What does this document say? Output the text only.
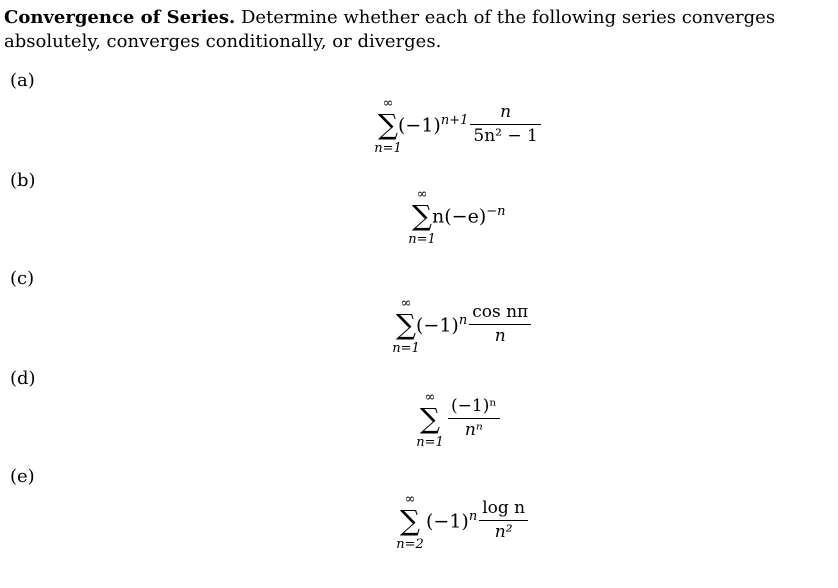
Convergence of Series. Determine whether each of the following series converges absolutely, converges conditionally, or diverges.
(a)
∞
∑
n=1
$(-1)^{n+1} \frac{n}{\text{5n² − 1}}$
(b)
∞
∑
n=1
$n(-e)^{-n}$
(c)
∞
∑
n=1
$(-1)^n \frac{\text{cos nπ}}{n}$
(d)
∞
∑
n=1
$\frac{\text{(−1)ⁿ}}{\text{nⁿ}}$
(e)
∞
∑
n=2
$(-1)^n \frac{\text{log n}}{\text{n²}}$
